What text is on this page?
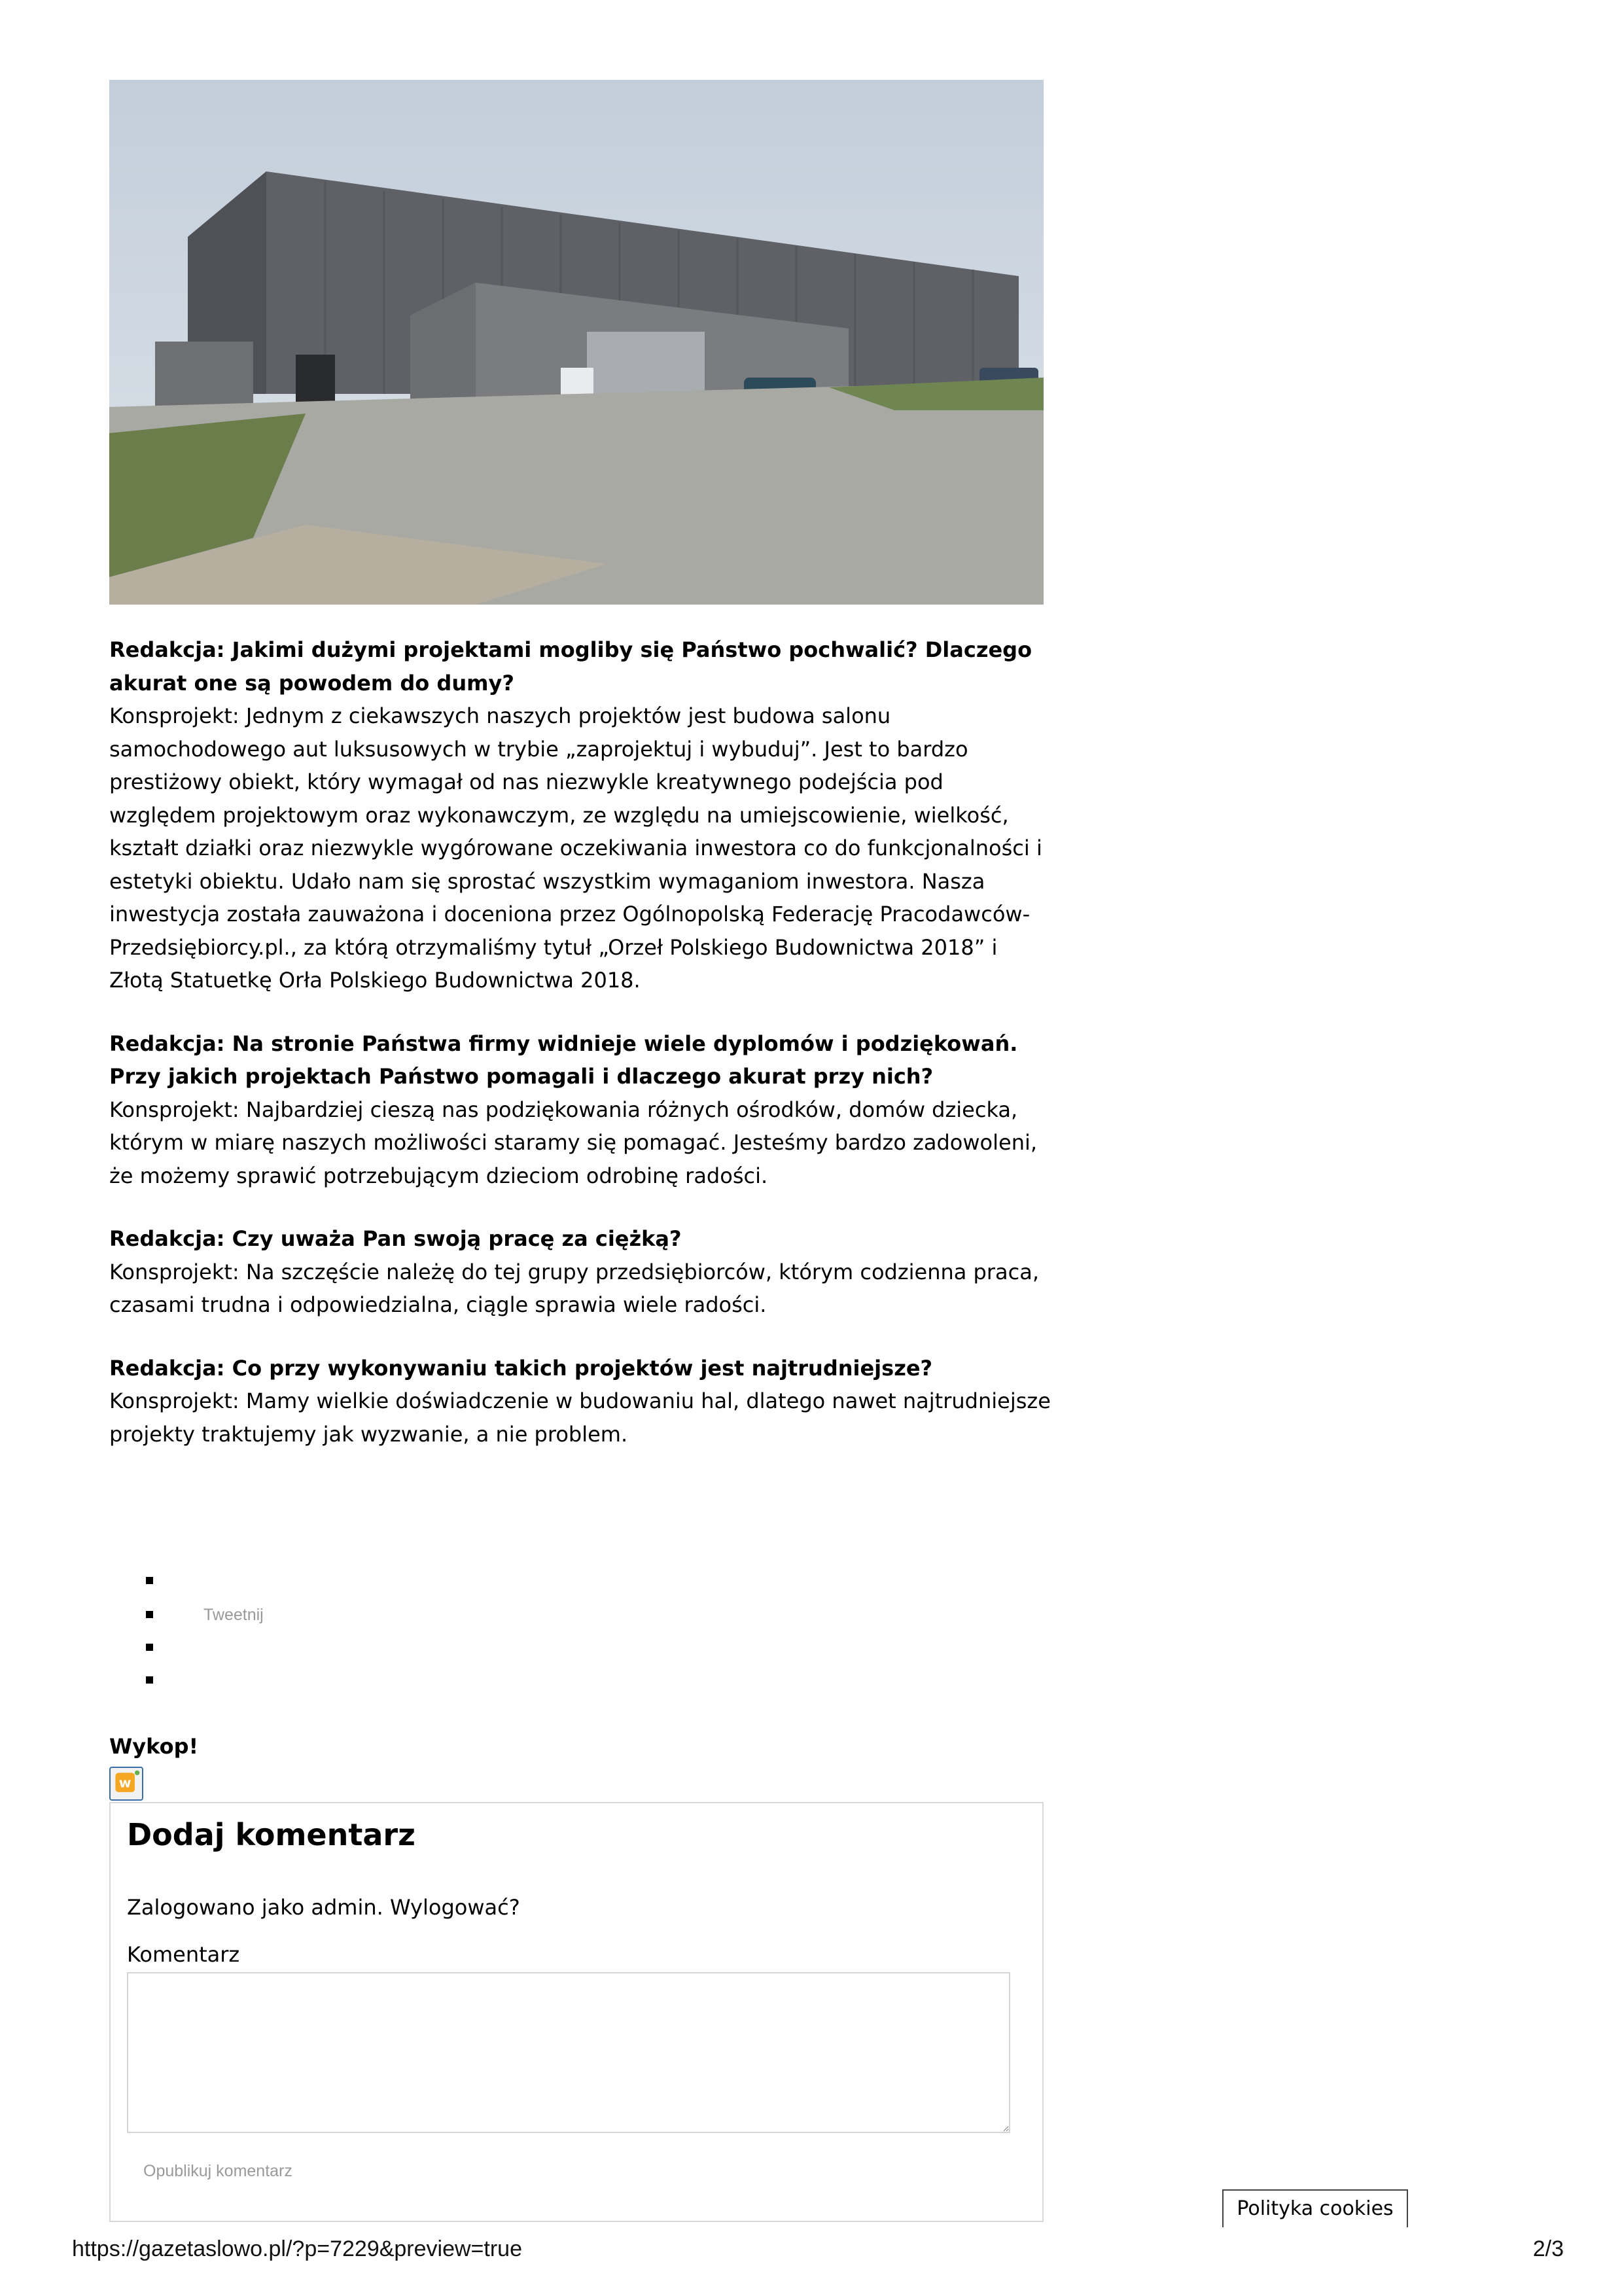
Redakcja: Jakimi dużymi projektami mogliby się Państwo pochwalić? Dlaczego akurat one są powodem do dumy?
Konsprojekt: Jednym z ciekawszych naszych projektów jest budowa salonu samochodowego aut luksusowych w trybie „zaprojektuj i wybuduj”. Jest to bardzo prestiżowy obiekt, który wymagał od nas niezwykle kreatywnego podejścia pod względem projektowym oraz wykonawczym, ze względu na umiejscowienie, wielkość, kształt działki oraz niezwykle wygórowane oczekiwania inwestora co do funkcjonalności i estetyki obiektu. Udało nam się sprostać wszystkim wymaganiom inwestora. Nasza inwestycja została zauważona i doceniona przez Ogólnopolską Federację Pracodawców-Przedsiębiorcy.pl., za którą otrzymaliśmy tytuł „Orzeł Polskiego Budownictwa 2018” i Złotą Statuetkę Orła Polskiego Budownictwa 2018.

Redakcja: Na stronie Państwa firmy widnieje wiele dyplomów i podziękowań. Przy jakich projektach Państwo pomagali i dlaczego akurat przy nich?
Konsprojekt: Najbardziej cieszą nas podziękowania różnych ośrodków, domów dziecka, którym w miarę naszych możliwości staramy się pomagać. Jesteśmy bardzo zadowoleni, że możemy sprawić potrzebującym dzieciom odrobinę radości.

Redakcja: Czy uważa Pan swoją pracę za ciężką?
Konsprojekt: Na szczęście należę do tej grupy przedsiębiorców, którym codzienna praca, czasami trudna i odpowiedzialna, ciągle sprawia wiele radości.

Redakcja: Co przy wykonywaniu takich projektów jest najtrudniejsze?
Konsprojekt: Mamy wielkie doświadczenie w budowaniu hal, dlatego nawet najtrudniejsze projekty traktujemy jak wyzwanie, a nie problem.

Tweetnij
Wykop!
w
Dodaj komentarz
Zalogowano jako admin. Wylogować?
Komentarz
Opublikuj komentarz
Polityka cookies
https://gazetaslowo.pl/?p=7229&preview=true	2/3
